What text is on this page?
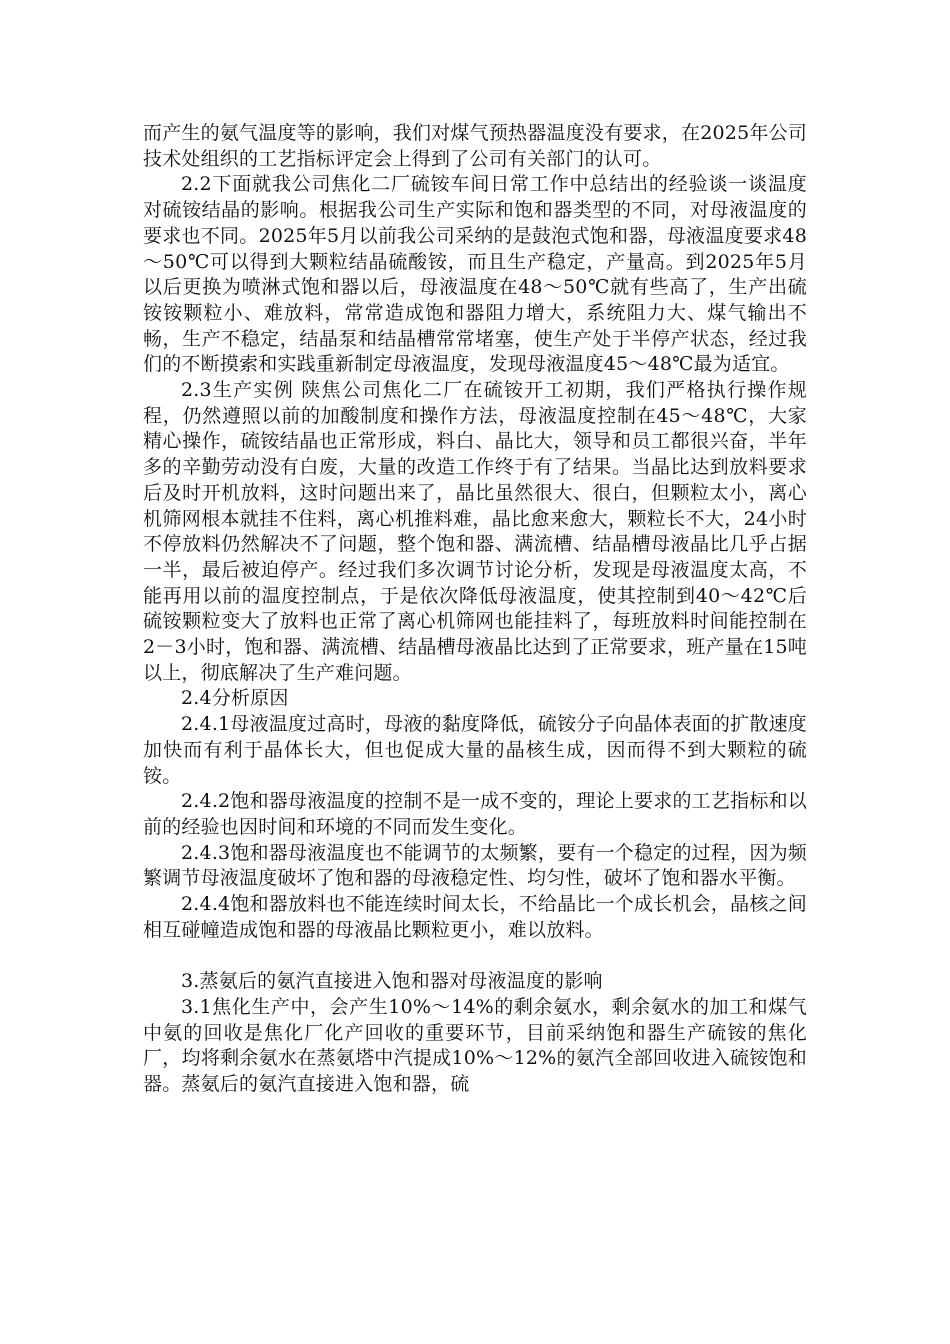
而产生的氨气温度等的影响，我们对煤气预热器温度没有要求，在2025年公司技术处组织的工艺指标评定会上得到了公司有关部门的认可。

2.2下面就我公司焦化二厂硫铵车间日常工作中总结出的经验谈一谈温度对硫铵结晶的影响。根据我公司生产实际和饱和器类型的不同，对母液温度的要求也不同。2025年5月以前我公司采纳的是鼓泡式饱和器，母液温度要求48～50℃可以得到大颗粒结晶硫酸铵，而且生产稳定，产量高。到2025年5月以后更换为喷淋式饱和器以后，母液温度在48～50℃就有些高了，生产出硫铵铵颗粒小、难放料，常常造成饱和器阻力增大，系统阻力大、煤气输出不畅，生产不稳定，结晶泵和结晶槽常常堵塞，使生产处于半停产状态，经过我们的不断摸索和实践重新制定母液温度，发现母液温度45～48℃最为适宜。

2.3生产实例 陕焦公司焦化二厂在硫铵开工初期，我们严格执行操作规程，仍然遵照以前的加酸制度和操作方法，母液温度控制在45～48℃，大家精心操作，硫铵结晶也正常形成，料白、晶比大，领导和员工都很兴奋，半年多的辛勤劳动没有白废，大量的改造工作终于有了结果。当晶比达到放料要求后及时开机放料，这时问题出来了，晶比虽然很大、很白，但颗粒太小，离心机筛网根本就挂不住料，离心机推料难，晶比愈来愈大，颗粒长不大，24小时不停放料仍然解决不了问题，整个饱和器、满流槽、结晶槽母液晶比几乎占据一半，最后被迫停产。经过我们多次调节讨论分析，发现是母液温度太高，不能再用以前的温度控制点，于是依次降低母液温度，使其控制到40～42℃后硫铵颗粒变大了放料也正常了离心机筛网也能挂料了，每班放料时间能控制在2－3小时，饱和器、满流槽、结晶槽母液晶比达到了正常要求，班产量在15吨以上，彻底解决了生产难问题。

2.4分析原因

2.4.1母液温度过高时，母液的黏度降低，硫铵分子向晶体表面的扩散速度加快而有利于晶体长大，但也促成大量的晶核生成，因而得不到大颗粒的硫铵。

2.4.2饱和器母液温度的控制不是一成不变的，理论上要求的工艺指标和以前的经验也因时间和环境的不同而发生变化。

2.4.3饱和器母液温度也不能调节的太频繁，要有一个稳定的过程，因为频繁调节母液温度破坏了饱和器的母液稳定性、均匀性，破坏了饱和器水平衡。

2.4.4饱和器放料也不能连续时间太长，不给晶比一个成长机会，晶核之间相互碰幢造成饱和器的母液晶比颗粒更小，难以放料。

3.蒸氨后的氨汽直接进入饱和器对母液温度的影响

3.1焦化生产中，会产生10%～14%的剩余氨水，剩余氨水的加工和煤气中氨的回收是焦化厂化产回收的重要环节，目前采纳饱和器生产硫铵的焦化厂，均将剩余氨水在蒸氨塔中汽提成10%～12%的氨汽全部回收进入硫铵饱和器。蒸氨后的氨汽直接进入饱和器，硫
